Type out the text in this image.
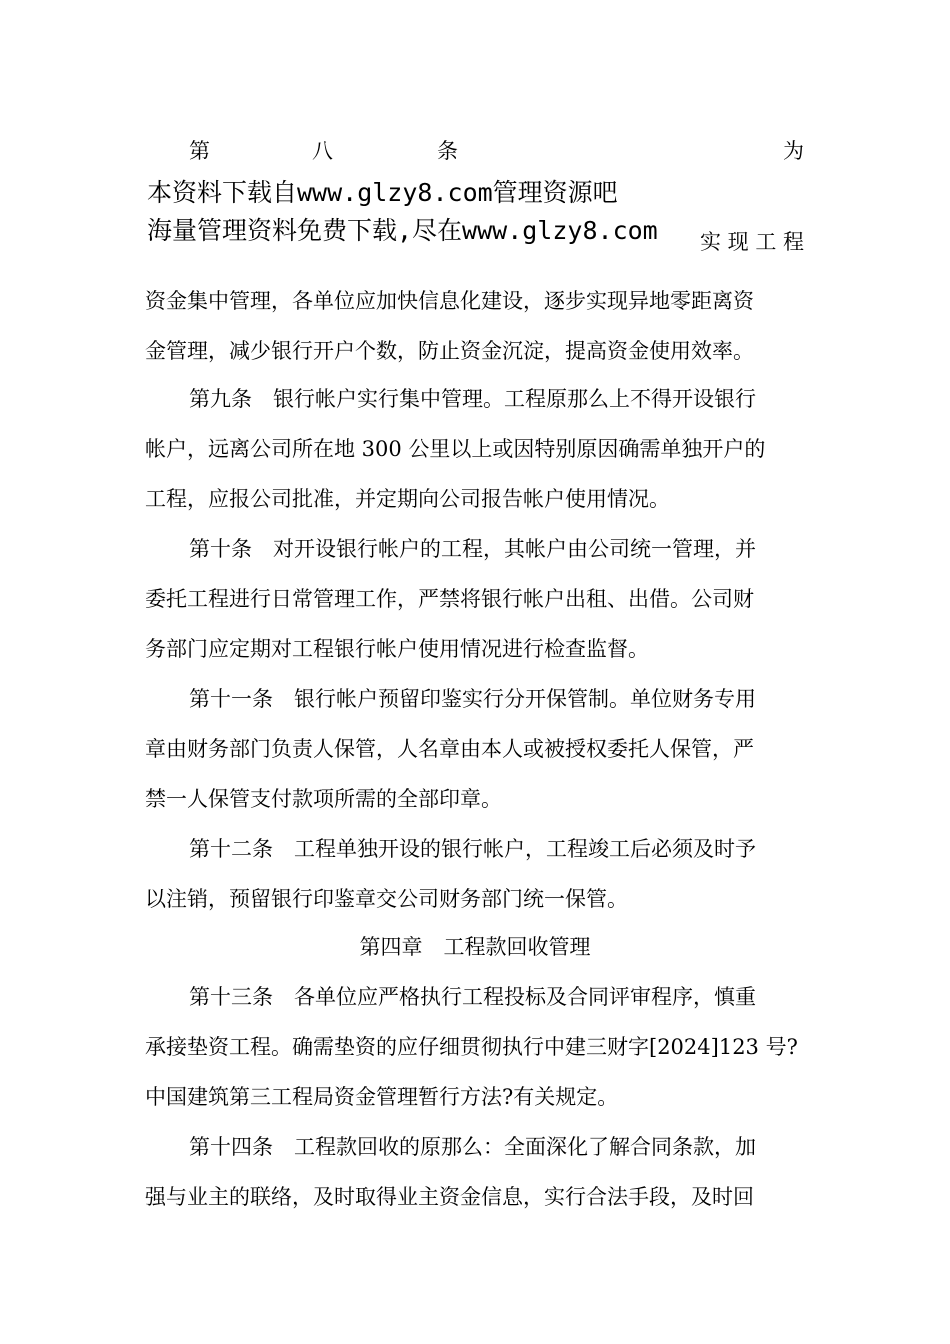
第	八	条	为
本资料下载自www.glzy8.com管理资源吧
海量管理资料免费下载,尽在www.glzy8.com 实 现 工 程
资金集中管理，各单位应加快信息化建设，逐步实现异地零距离资
金管理，减少银行开户个数，防止资金沉淀，提高资金使用效率。
第九条　银行帐户实行集中管理。工程原那么上不得开设银行
帐户，远离公司所在地 300 公里以上或因特别原因确需单独开户的
工程，应报公司批准，并定期向公司报告帐户使用情况。
第十条　对开设银行帐户的工程，其帐户由公司统一管理，并
委托工程进行日常管理工作，严禁将银行帐户出租、出借。公司财
务部门应定期对工程银行帐户使用情况进行检查监督。
第十一条　银行帐户预留印鉴实行分开保管制。单位财务专用
章由财务部门负责人保管，人名章由本人或被授权委托人保管，严
禁一人保管支付款项所需的全部印章。
第十二条　工程单独开设的银行帐户，工程竣工后必须及时予
以注销，预留银行印鉴章交公司财务部门统一保管。
第四章　工程款回收管理
第十三条　各单位应严格执行工程投标及合同评审程序，慎重
承接垫资工程。确需垫资的应仔细贯彻执行中建三财字[2024]123 号?
中国建筑第三工程局资金管理暂行方法?有关规定。
第十四条　工程款回收的原那么：全面深化了解合同条款，加
强与业主的联络，及时取得业主资金信息，实行合法手段，及时回
